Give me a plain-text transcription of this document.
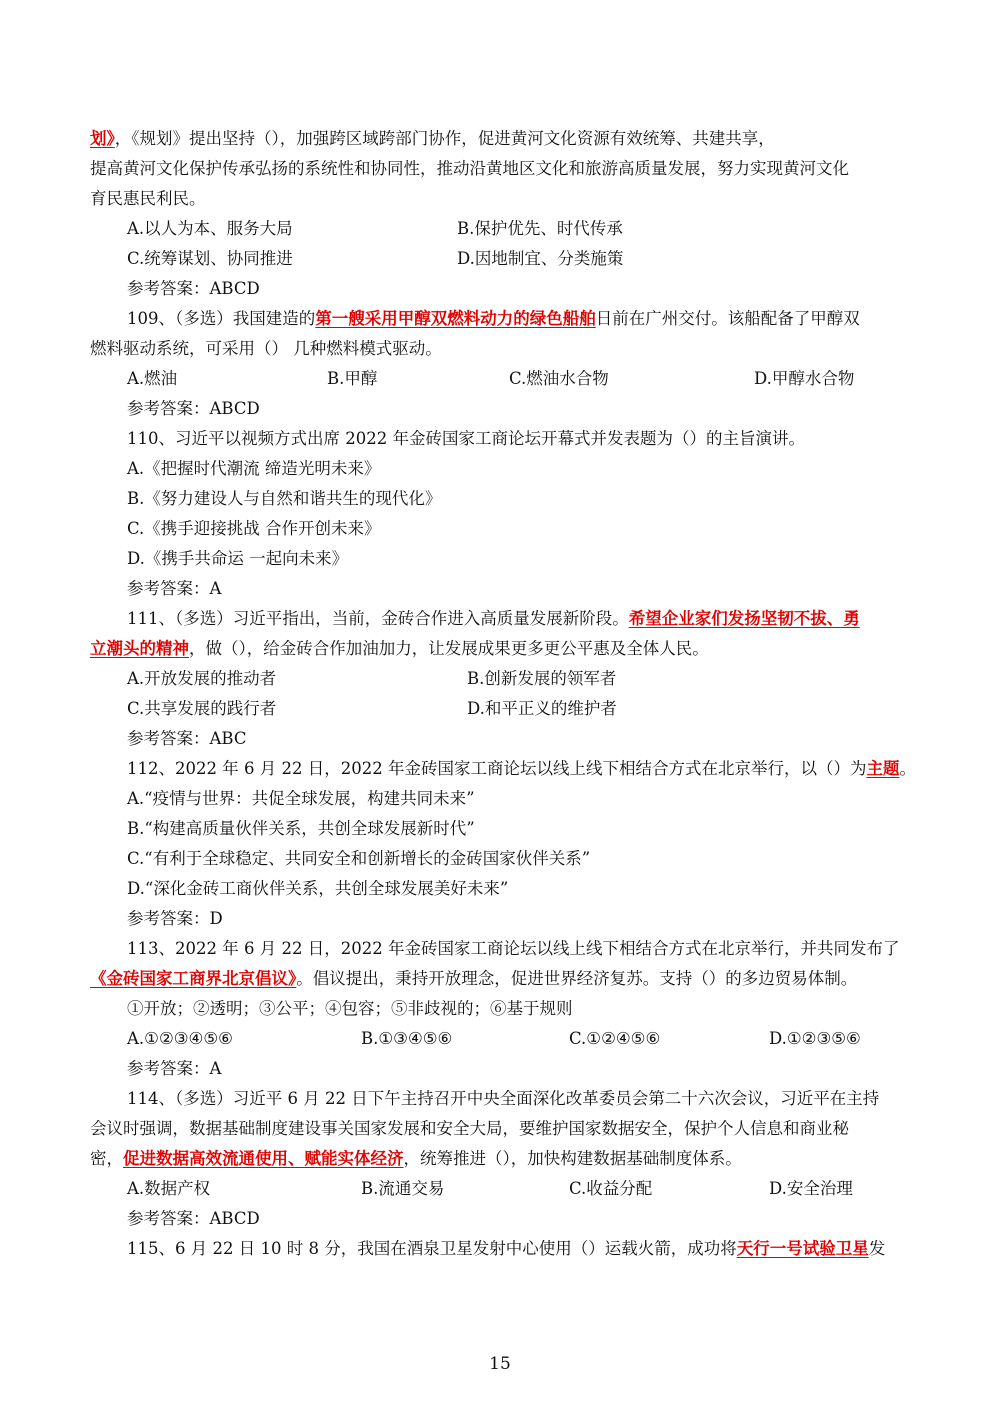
划》，《规划》提出坚持（），加强跨区域跨部门协作，促进黄河文化资源有效统筹、共建共享，
提高黄河文化保护传承弘扬的系统性和协同性，推动沿黄地区文化和旅游高质量发展，努力实现黄河文化
育民惠民利民。
A.以人为本、服务大局	B.保护优先、时代传承
C.统筹谋划、协同推进	D.因地制宜、分类施策
参考答案：ABCD
109、（多选）我国建造的第一艘采用甲醇双燃料动力的绿色船舶日前在广州交付。该船配备了甲醇双
燃料驱动系统，可采用（） 几种燃料模式驱动。
A.燃油	B.甲醇	C.燃油水合物	D.甲醇水合物
参考答案：ABCD
110、习近平以视频方式出席 2022 年金砖国家工商论坛开幕式并发表题为（）的主旨演讲。
A.《把握时代潮流 缔造光明未来》
B.《努力建设人与自然和谐共生的现代化》
C.《携手迎接挑战 合作开创未来》
D.《携手共命运 一起向未来》
参考答案：A
111、（多选）习近平指出，当前，金砖合作进入高质量发展新阶段。希望企业家们发扬坚韧不拔、勇
立潮头的精神，做（），给金砖合作加油加力，让发展成果更多更公平惠及全体人民。
A.开放发展的推动者	B.创新发展的领军者
C.共享发展的践行者	D.和平正义的维护者
参考答案：ABC
112、2022 年 6 月 22 日，2022 年金砖国家工商论坛以线上线下相结合方式在北京举行，以（）为主题。
A.“疫情与世界：共促全球发展，构建共同未来”
B.“构建高质量伙伴关系，共创全球发展新时代”
C.“有利于全球稳定、共同安全和创新增长的金砖国家伙伴关系”
D.“深化金砖工商伙伴关系，共创全球发展美好未来”
参考答案：D
113、2022 年 6 月 22 日，2022 年金砖国家工商论坛以线上线下相结合方式在北京举行，并共同发布了
《金砖国家工商界北京倡议》。倡议提出，秉持开放理念，促进世界经济复苏。支持（）的多边贸易体制。
①开放；②透明；③公平；④包容；⑤非歧视的；⑥基于规则
A.①②③④⑤⑥	B.①③④⑤⑥	C.①②④⑤⑥	D.①②③⑤⑥
参考答案：A
114、（多选）习近平 6 月 22 日下午主持召开中央全面深化改革委员会第二十六次会议，习近平在主持
会议时强调，数据基础制度建设事关国家发展和安全大局，要维护国家数据安全，保护个人信息和商业秘
密，促进数据高效流通使用、赋能实体经济，统筹推进（），加快构建数据基础制度体系。
A.数据产权	B.流通交易	C.收益分配	D.安全治理
参考答案：ABCD
115、6 月 22 日 10 时 8 分，我国在酒泉卫星发射中心使用（）运载火箭，成功将天行一号试验卫星发
15
